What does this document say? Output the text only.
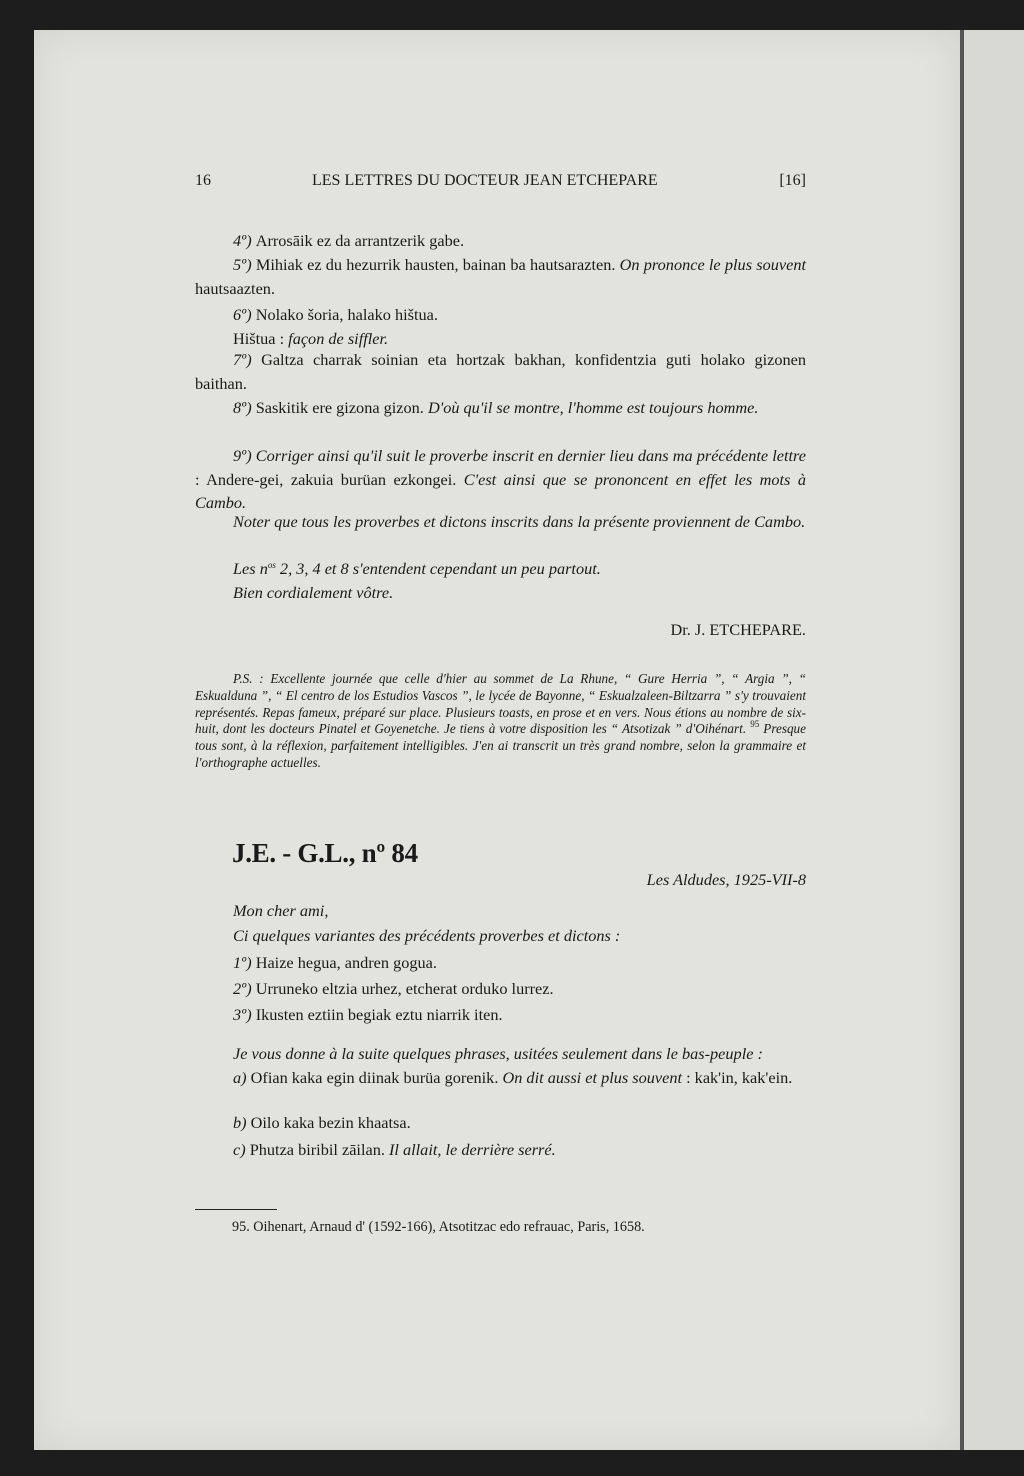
16	LES LETTRES DU DOCTEUR JEAN ETCHEPARE	[16]
4º) Arrosāik ez da arrantzerik gabe.
5º) Mihiak ez du hezurrik hausten, bainan ba hautsarazten. On prononce le plus souvent hautsaazten.
6º) Nolako šoria, halako hištua.
Hištua : façon de siffler.
7º) Galtza charrak soinian eta hortzak bakhan, konfidentzia guti holako gizonen baithan.
8º) Saskitik ere gizona gizon. D'où qu'il se montre, l'homme est toujours homme.
9º) Corriger ainsi qu'il suit le proverbe inscrit en dernier lieu dans ma précédente lettre : Andere-gei, zakuia burüan ezkongei. C'est ainsi que se prononcent en effet les mots à Cambo.
Noter que tous les proverbes et dictons inscrits dans la présente proviennent de Cambo.
Les $n^{os}$ 2, 3, 4 et 8 s'entendent cependant un peu partout.
Bien cordialement vôtre.
Dr. J. ETCHEPARE.
P.S. : Excellente journée que celle d'hier au sommet de La Rhune, “ Gure Herria ”, “ Argia ”, “ Eskualduna ”, “ El centro de los Estudios Vascos ”, le lycée de Bayonne, “ Eskualzaleen-Biltzarra ” s'y trouvaient représentés. Repas fameux, préparé sur place. Plusieurs toasts, en prose et en vers. Nous étions au nombre de six-huit, dont les docteurs Pinatel et Goyenetche. Je tiens à votre disposition les “ Atsotizak ” d'Oihénart. $^{95}$ Presque tous sont, à la réflexion, parfaitement intelligibles. J'en ai transcrit un très grand nombre, selon la grammaire et l'orthographe actuelles.
J.E. - G.L., nº 84
Les Aldudes, 1925-VII-8
Mon cher ami,
Ci quelques variantes des précédents proverbes et dictons :
1º) Haize hegua, andren gogua.
2º) Urruneko eltzia urhez, etcherat orduko lurrez.
3º) Ikusten eztiin begiak eztu niarrik iten.
Je vous donne à la suite quelques phrases, usitées seulement dans le bas-peuple :
a) Ofian kaka egin diinak burüa gorenik. On dit aussi et plus souvent : kak'in, kak'ein.
b) Oilo kaka bezin khaatsa.
c) Phutza biribil zāilan. Il allait, le derrière serré.
95. Oihenart, Arnaud d' (1592-166), Atsotitzac edo refrauac, Paris, 1658.
